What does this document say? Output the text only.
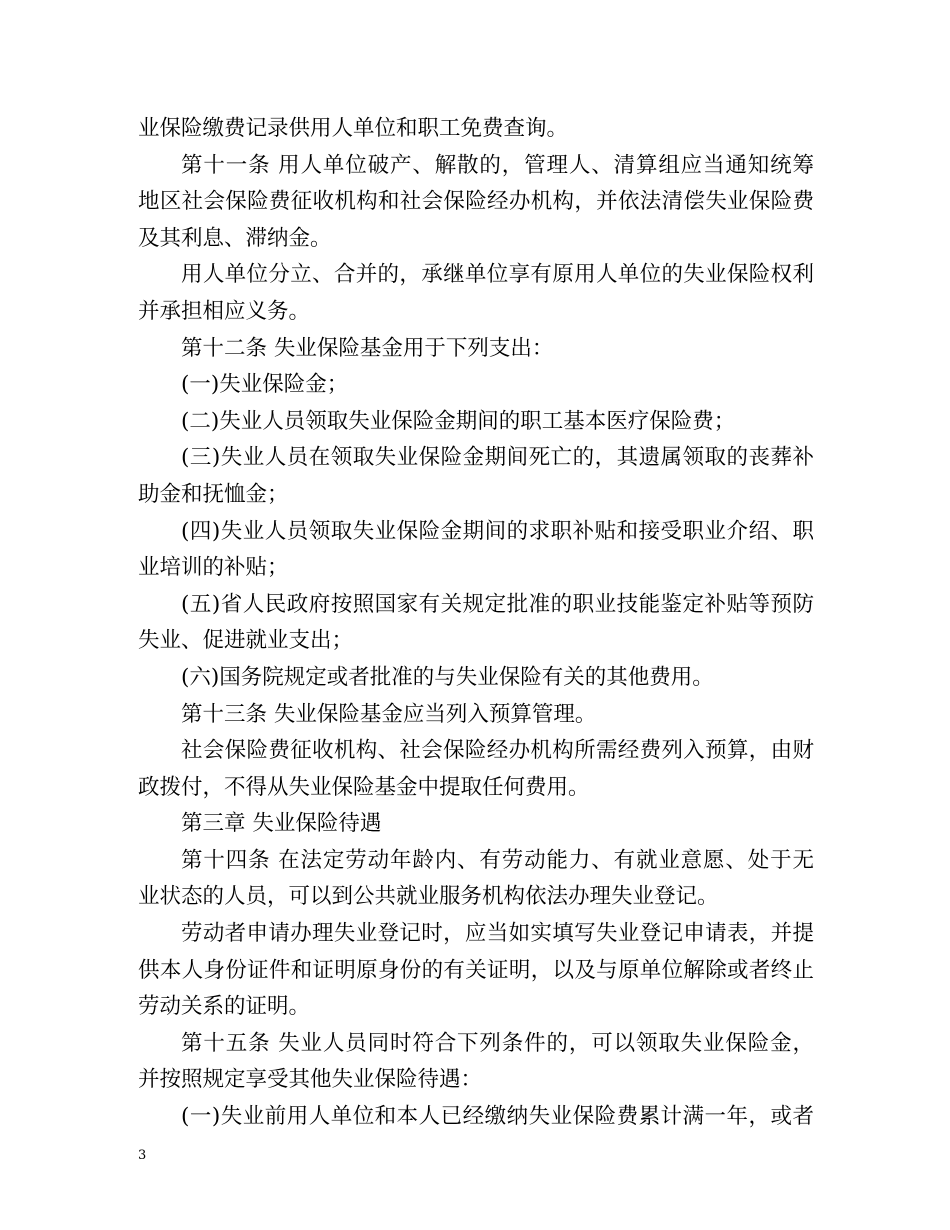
业保险缴费记录供用人单位和职工免费查询。
第十一条 用人单位破产、解散的，管理人、清算组应当通知统筹
地区社会保险费征收机构和社会保险经办机构，并依法清偿失业保险费
及其利息、滞纳金。
用人单位分立、合并的，承继单位享有原用人单位的失业保险权利
并承担相应义务。
第十二条 失业保险基金用于下列支出：
(一)失业保险金；
(二)失业人员领取失业保险金期间的职工基本医疗保险费；
(三)失业人员在领取失业保险金期间死亡的，其遗属领取的丧葬补
助金和抚恤金；
(四)失业人员领取失业保险金期间的求职补贴和接受职业介绍、职
业培训的补贴；
(五)省人民政府按照国家有关规定批准的职业技能鉴定补贴等预防
失业、促进就业支出；
(六)国务院规定或者批准的与失业保险有关的其他费用。
第十三条 失业保险基金应当列入预算管理。
社会保险费征收机构、社会保险经办机构所需经费列入预算，由财
政拨付，不得从失业保险基金中提取任何费用。
第三章 失业保险待遇
第十四条 在法定劳动年龄内、有劳动能力、有就业意愿、处于无
业状态的人员，可以到公共就业服务机构依法办理失业登记。
劳动者申请办理失业登记时，应当如实填写失业登记申请表，并提
供本人身份证件和证明原身份的有关证明，以及与原单位解除或者终止
劳动关系的证明。
第十五条 失业人员同时符合下列条件的，可以领取失业保险金，
并按照规定享受其他失业保险待遇：
(一)失业前用人单位和本人已经缴纳失业保险费累计满一年，或者
3
